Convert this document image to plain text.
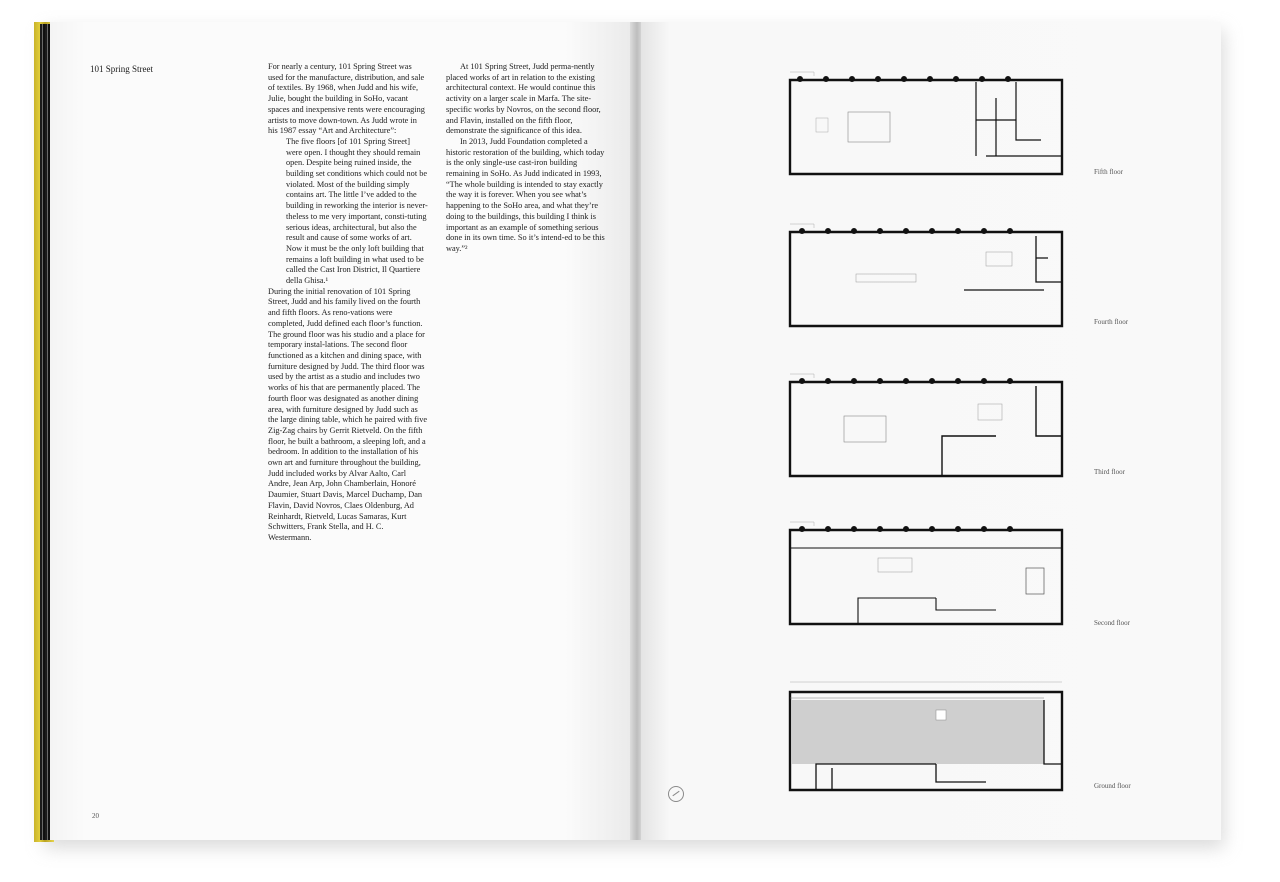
101 Spring Street	For nearly a century, 101 Spring Street was used for the manufacture, distribution, and sale of textiles. By 1968, when Judd and his wife, Julie, bought the building in SoHo, vacant spaces and inexpensive rents were encouraging artists to move down-town. As Judd wrote in his 1987 essay “Art and Architecture”:

The five floors [of 101 Spring Street] were open. I thought they should remain open. Despite being ruined inside, the building set conditions which could not be violated. Most of the building simply contains art. The little I’ve added to the building in reworking the interior is never-theless to me very important, consti-tuting serious ideas, architectural, but also the result and cause of some works of art. Now it must be the only loft building that remains a loft building in what used to be called the Cast Iron District, Il Quartiere della Ghisa.¹

During the initial renovation of 101 Spring Street, Judd and his family lived on the fourth and fifth floors. As reno-vations were completed, Judd defined each floor’s function. The ground floor was his studio and a place for temporary instal-lations. The second floor functioned as a kitchen and dining space, with furniture designed by Judd. The third floor was used by the artist as a studio and includes two works of his that are permanently placed. The fourth floor was designated as another dining area, with furniture designed by Judd such as the large dining table, which he paired with five Zig-Zag chairs by Gerrit Rietveld. On the fifth floor, he built a bathroom, a sleeping loft, and a bedroom. In addition to the installation of his own art and furniture throughout the building, Judd included works by Alvar Aalto, Carl Andre, Jean Arp, John Chamberlain, Honoré Daumier, Stuart Davis, Marcel Duchamp, Dan Flavin, David Novros, Claes Oldenburg, Ad Reinhardt, Rietveld, Lucas Samaras, Kurt Schwitters, Frank Stella, and H. C. Westermann.

At 101 Spring Street, Judd perma-nently placed works of art in relation to the existing architectural context. He would continue this activity on a larger scale in Marfa. The site-specific works by Novros, on the second floor, and Flavin, installed on the fifth floor, demonstrate the significance of this idea.

In 2013, Judd Foundation completed a historic restoration of the building, which today is the only single-use cast-iron building remaining in SoHo. As Judd indicated in 1993, “The whole building is intended to stay exactly the way it is forever. When you see what’s happening to the SoHo area, and what they’re doing to the buildings, this building I think is important as an example of something serious done in its own time. So it’s intend-ed to be this way.”²

20
Fifth floor
Fourth floor
Third floor
Second floor
Ground floor
